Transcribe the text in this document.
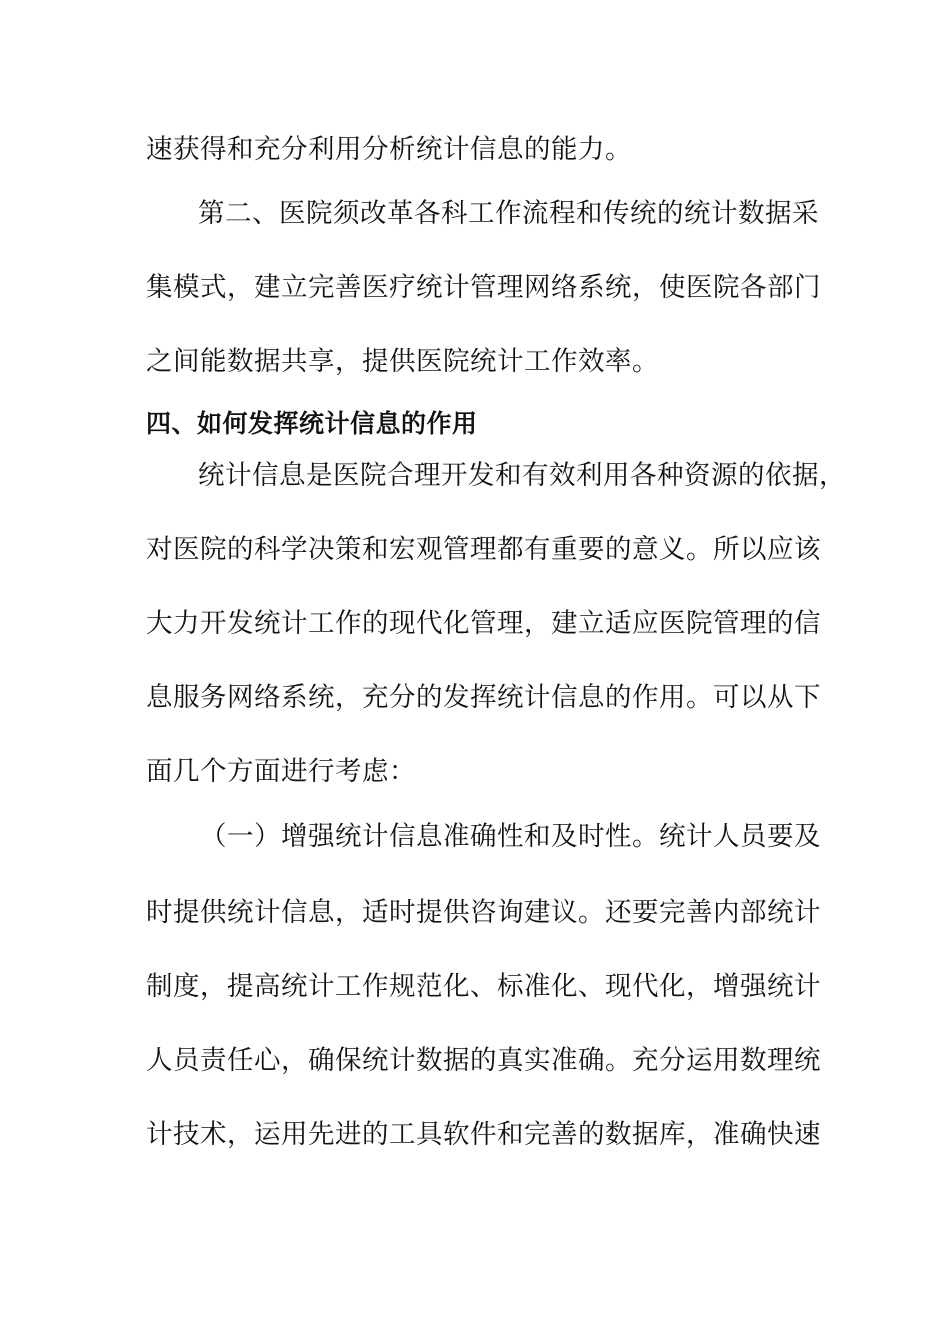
速获得和充分利用分析统计信息的能力。
第二、医院须改革各科工作流程和传统的统计数据采
集模式，建立完善医疗统计管理网络系统，使医院各部门
之间能数据共享，提供医院统计工作效率。
四、如何发挥统计信息的作用
统计信息是医院合理开发和有效利用各种资源的依据，
对医院的科学决策和宏观管理都有重要的意义。所以应该
大力开发统计工作的现代化管理，建立适应医院管理的信
息服务网络系统，充分的发挥统计信息的作用。可以从下
面几个方面进行考虑：
（一）增强统计信息准确性和及时性。统计人员要及
时提供统计信息，适时提供咨询建议。还要完善内部统计
制度，提高统计工作规范化、标准化、现代化，增强统计
人员责任心，确保统计数据的真实准确。充分运用数理统
计技术，运用先进的工具软件和完善的数据库，准确快速
